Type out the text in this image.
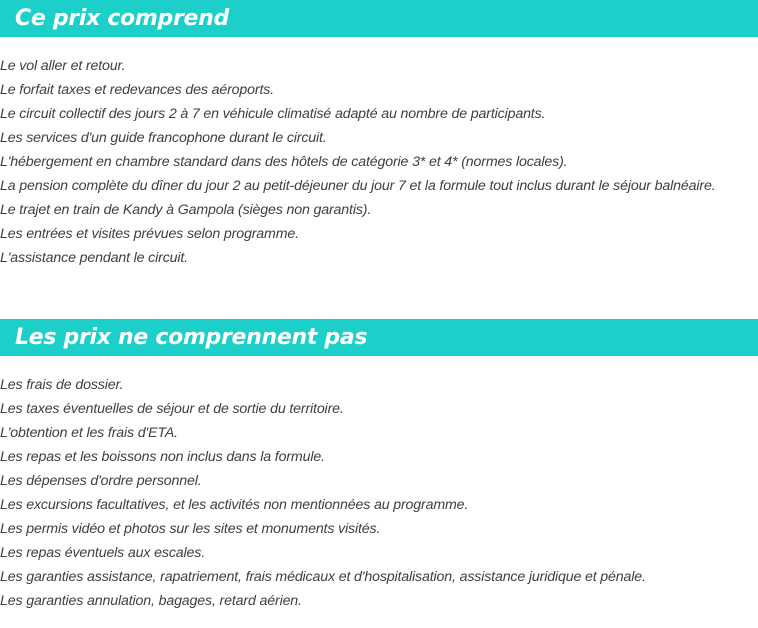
Ce prix comprend
Le vol aller et retour.
Le forfait taxes et redevances des aéroports.
Le circuit collectif des jours 2 à 7 en véhicule climatisé adapté au nombre de participants.
Les services d'un guide francophone durant le circuit.
L'hébergement en chambre standard dans des hôtels de catégorie 3* et 4* (normes locales).
La pension complète du dîner du jour 2 au petit-déjeuner du jour 7 et la formule tout inclus durant le séjour balnéaire.
Le trajet en train de Kandy à Gampola (sièges non garantis).
Les entrées et visites prévues selon programme.
L'assistance pendant le circuit.
Les prix ne comprennent pas
Les frais de dossier.
Les taxes éventuelles de séjour et de sortie du territoire.
L'obtention et les frais d'ETA.
Les repas et les boissons non inclus dans la formule.
Les dépenses d'ordre personnel.
Les excursions facultatives, et les activités non mentionnées au programme.
Les permis vidéo et photos sur les sites et monuments visités.
Les repas éventuels aux escales.
Les garanties assistance, rapatriement, frais médicaux et d'hospitalisation, assistance juridique et pénale.
Les garanties annulation, bagages, retard aérien.
